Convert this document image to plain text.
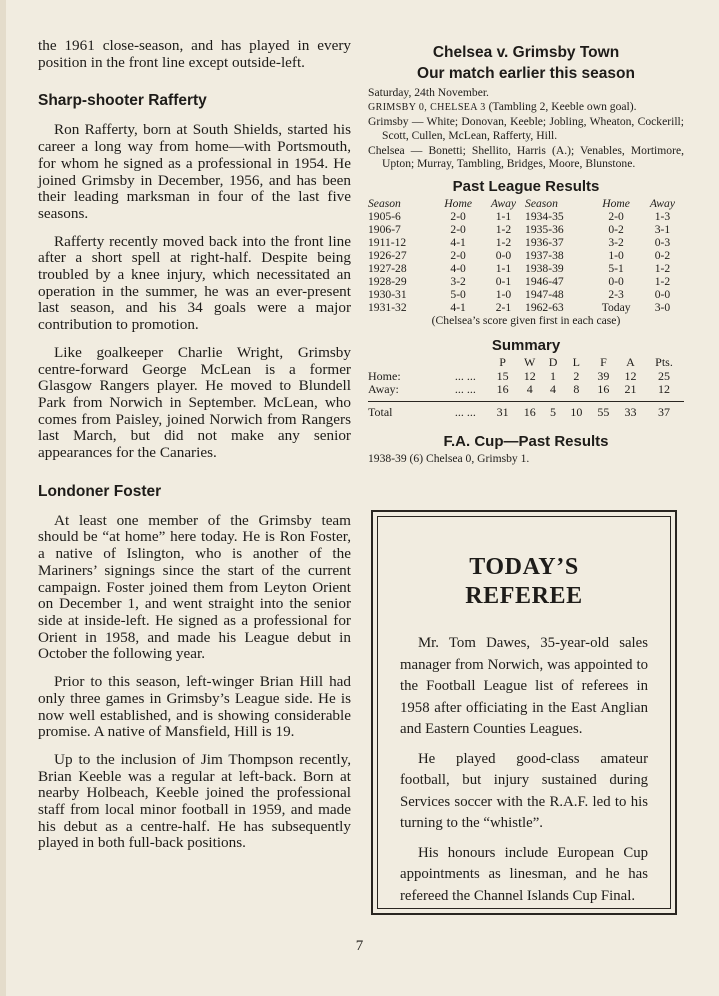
the 1961 close-season, and has played in every position in the front line except outside-left.

Sharp-shooter Rafferty

Ron Rafferty, born at South Shields, started his career a long way from home—with Portsmouth, for whom he signed as a professional in 1954. He joined Grimsby in December, 1956, and has been their leading marksman in four of the last five seasons.

Rafferty recently moved back into the front line after a short spell at right-half. Despite being troubled by a knee injury, which necessitated an operation in the summer, he was an ever-present last season, and his 34 goals were a major contribution to promotion.

Like goalkeeper Charlie Wright, Grimsby centre-forward George McLean is a former Glasgow Rangers player. He moved to Blundell Park from Norwich in September. McLean, who comes from Paisley, joined Norwich from Rangers last March, but did not make any senior appearances for the Canaries.

Londoner Foster

At least one member of the Grimsby team should be “at home” here today. He is Ron Foster, a native of Islington, who is another of the Mariners’ signings since the start of the current campaign. Foster joined them from Leyton Orient on December 1, and went straight into the senior side at inside-left. He signed as a professional for Orient in 1958, and made his League debut in October the following year.

Prior to this season, left-winger Brian Hill had only three games in Grimsby’s League side. He is now well established, and is showing considerable promise. A native of Mansfield, Hill is 19.

Up to the inclusion of Jim Thompson recently, Brian Keeble was a regular at left-back. Born at nearby Holbeach, Keeble joined the professional staff from local minor football in 1959, and made his debut as a centre-half. He has subsequently played in both full-back positions.

Chelsea v. Grimsby Town
Our match earlier this season

Saturday, 24th November.

GRIMSBY 0, CHELSEA 3 (Tambling 2, Keeble own goal).

Grimsby — White; Donovan, Keeble; Jobling, Wheaton, Cockerill; Scott, Cullen, McLean, Rafferty, Hill.

Chelsea — Bonetti; Shellito, Harris (A.); Venables, Mortimore, Upton; Murray, Tambling, Bridges, Moore, Blunstone.

Past League Results
Season	Home	Away	Season	Home	Away
1905-6	2-0	1-1	1934-35	2-0	1-3
1906-7	2-0	1-2	1935-36	0-2	3-1
1911-12	4-1	1-2	1936-37	3-2	0-3
1926-27	2-0	0-0	1937-38	1-0	0-2
1927-28	4-0	1-1	1938-39	5-1	1-2
1928-29	3-2	0-1	1946-47	0-0	1-2
1930-31	5-0	1-0	1947-48	2-3	0-0
1931-32	4-1	2-1	1962-63	Today	3-0

(Chelsea’s score given first in each case)

Summary
		P	W	D	L	F	A	Pts.
Home:	... ...	15	12	1	2	39	12	25
Away:	... ...	16	4	4	8	16	21	12

Total	... ...	31	16	5	10	55	33	37
F.A. Cup—Past Results

1938-39 (6) Chelsea 0, Grimsby 1.

TODAY’S
REFEREE

Mr. Tom Dawes, 35-year-old sales manager from Norwich, was appointed to the Football League list of referees in 1958 after officiating in the East Anglian and Eastern Counties Leagues.

He played good-class amateur football, but injury sustained during Services soccer with the R.A.F. led to his turning to the “whistle”.

His honours include European Cup appointments as linesman, and he has refereed the Channel Islands Cup Final.

7
